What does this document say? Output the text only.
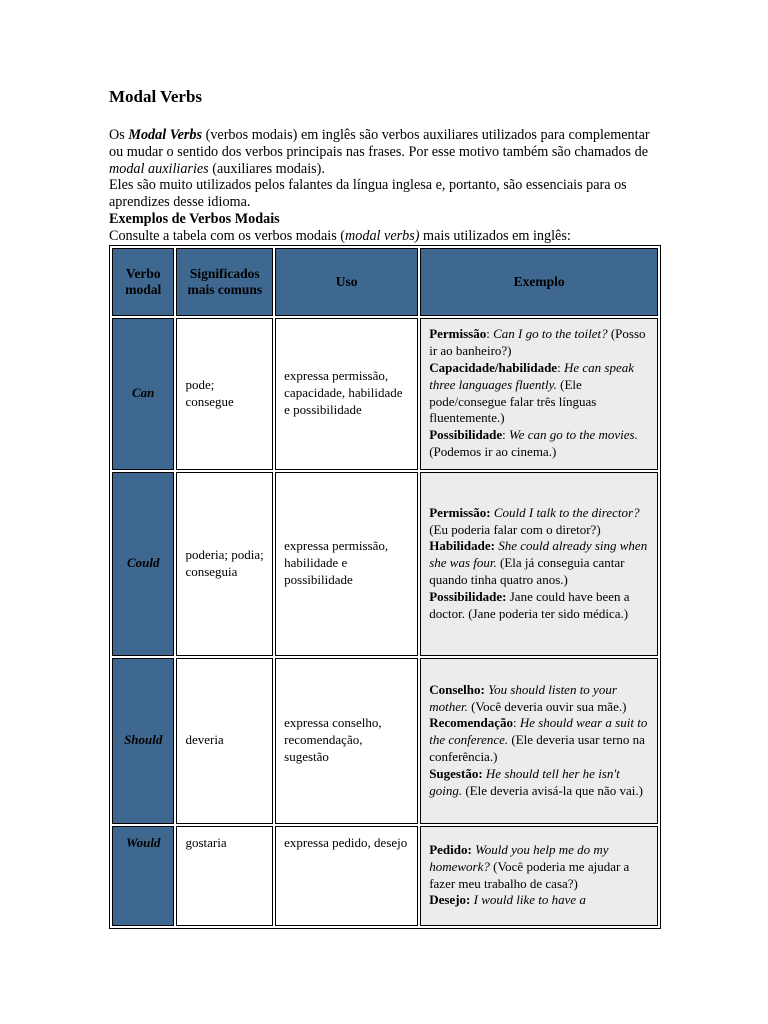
Modal Verbs

Os Modal Verbs (verbos modais) em inglês são verbos auxiliares utilizados para complementar ou mudar o sentido dos verbos principais nas frases. Por esse motivo também são chamados de modal auxiliaries (auxiliares modais).

Eles são muito utilizados pelos falantes da língua inglesa e, portanto, são essenciais para os aprendizes desse idioma.

Exemplos de Verbos Modais

Consulte a tabela com os verbos modais (modal verbs) mais utilizados em inglês:

Verbo modal	Significados mais comuns	Uso	Exemplo
Can	pode; consegue	expressa permissão, capacidade, habilidade e possibilidade	Permissão: Can I go to the toilet? (Posso ir ao banheiro?)
Capacidade/habilidade: He can speak three languages fluently. (Ele pode/consegue falar três línguas fluentemente.)
Possibilidade: We can go to the movies. (Podemos ir ao cinema.)

Could	poderia; podia; conseguia	expressa permissão, habilidade e possibilidade	Permissão: Could I talk to the director? (Eu poderia falar com o diretor?)
Habilidade: She could already sing when she was four. (Ela já conseguia cantar quando tinha quatro anos.)
Possibilidade: Jane could have been a doctor. (Jane poderia ter sido médica.)

Should	deveria	expressa conselho, recomendação, sugestão	Conselho: You should listen to your mother. (Você deveria ouvir sua mãe.)
Recomendação: He should wear a suit to the conference. (Ele deveria usar terno na conferência.)
Sugestão: He should tell her he isn't going. (Ele deveria avisá-la que não vai.)

Would	gostaria	expressa pedido, desejo	Pedido: Would you help me do my homework? (Você poderia me ajudar a fazer meu trabalho de casa?)
Desejo: I would like to have a
